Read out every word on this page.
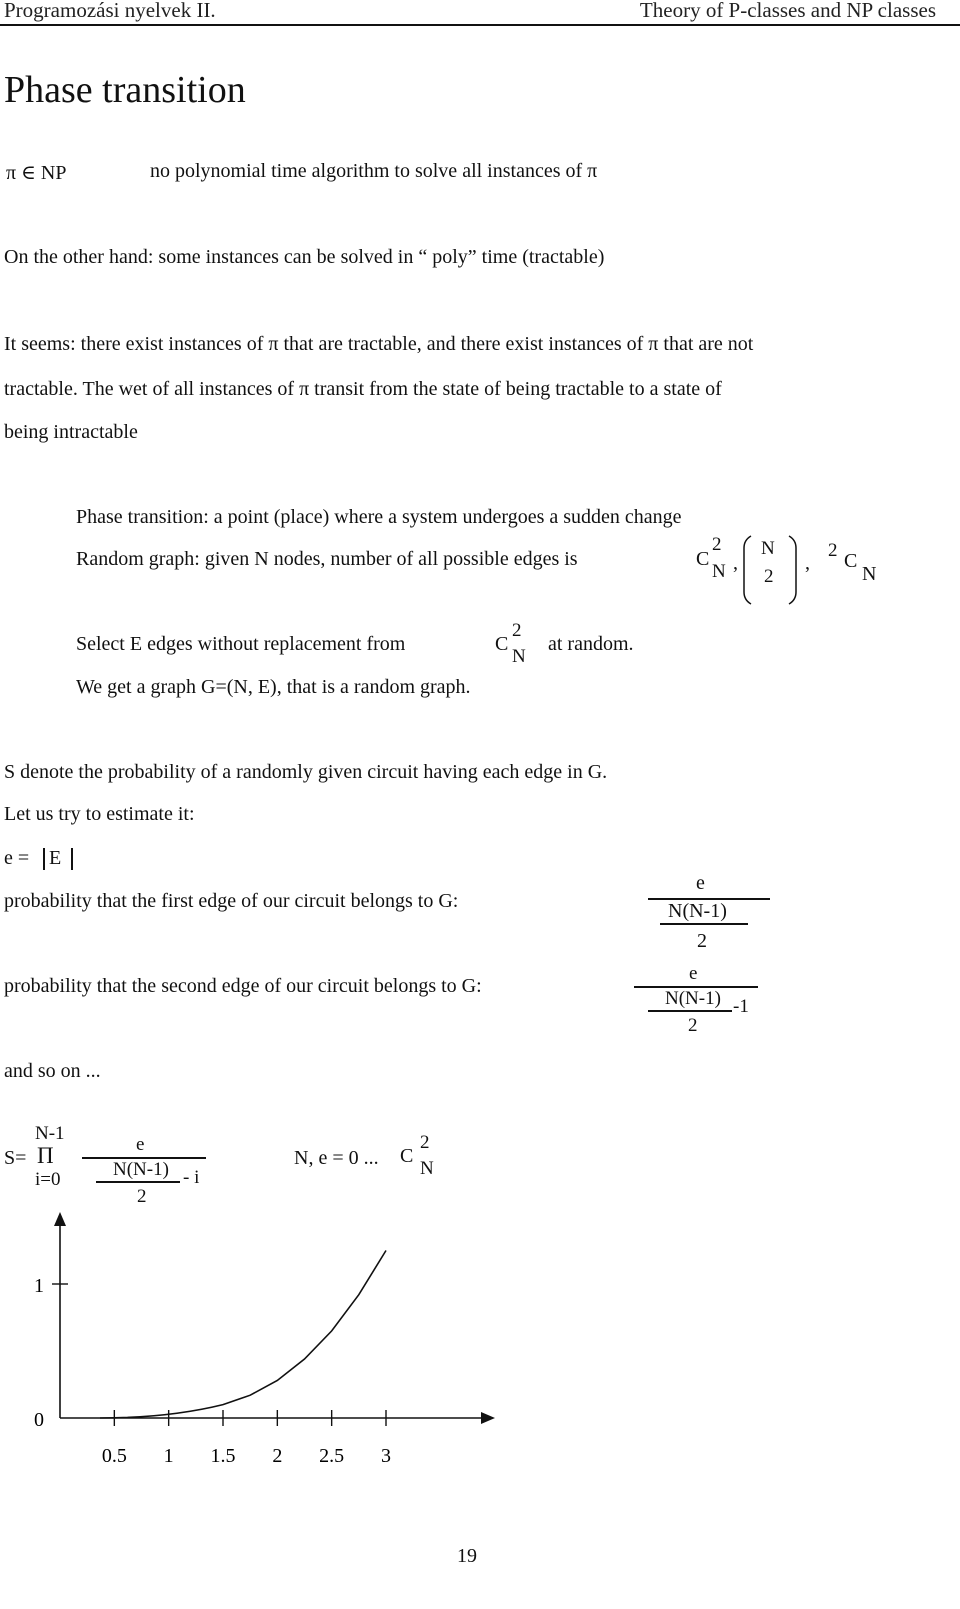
Programozási nyelvek II.	Theory of P-classes and NP classes
Phase transition
π ∈ NP	no polynomial time algorithm to solve all instances of π
On the other hand: some instances can be solved in “ poly” time (tractable)
It seems: there exist instances of π that are tractable, and there exist instances of π that are not
tractable. The wet of all instances of π transit from the state of being tractable to a state of
being intractable
Phase transition: a point (place) where a system undergoes a sudden change
Random graph: given N nodes, number of all possible edges is	C
2
N ,
N
2
,
2 C
N
Select E edges without replacement from	C
2
N
at random.
We get a graph G=(N, E), that is a random graph.
S denote the probability of a randomly given circuit having each edge in G.
Let us try to estimate it:
e = E
probability that the first edge of our circuit belongs to G:
e
N(N-1)
2
probability that the second edge of our circuit belongs to G:
e
N(N-1) -1
2
and so on ...
N-1
S= Π
i=0
e
N(N-1) - i
2
N, e = 0 ... C
2
N
0
1
0.5 1 1.5 2 2.5 3
19
